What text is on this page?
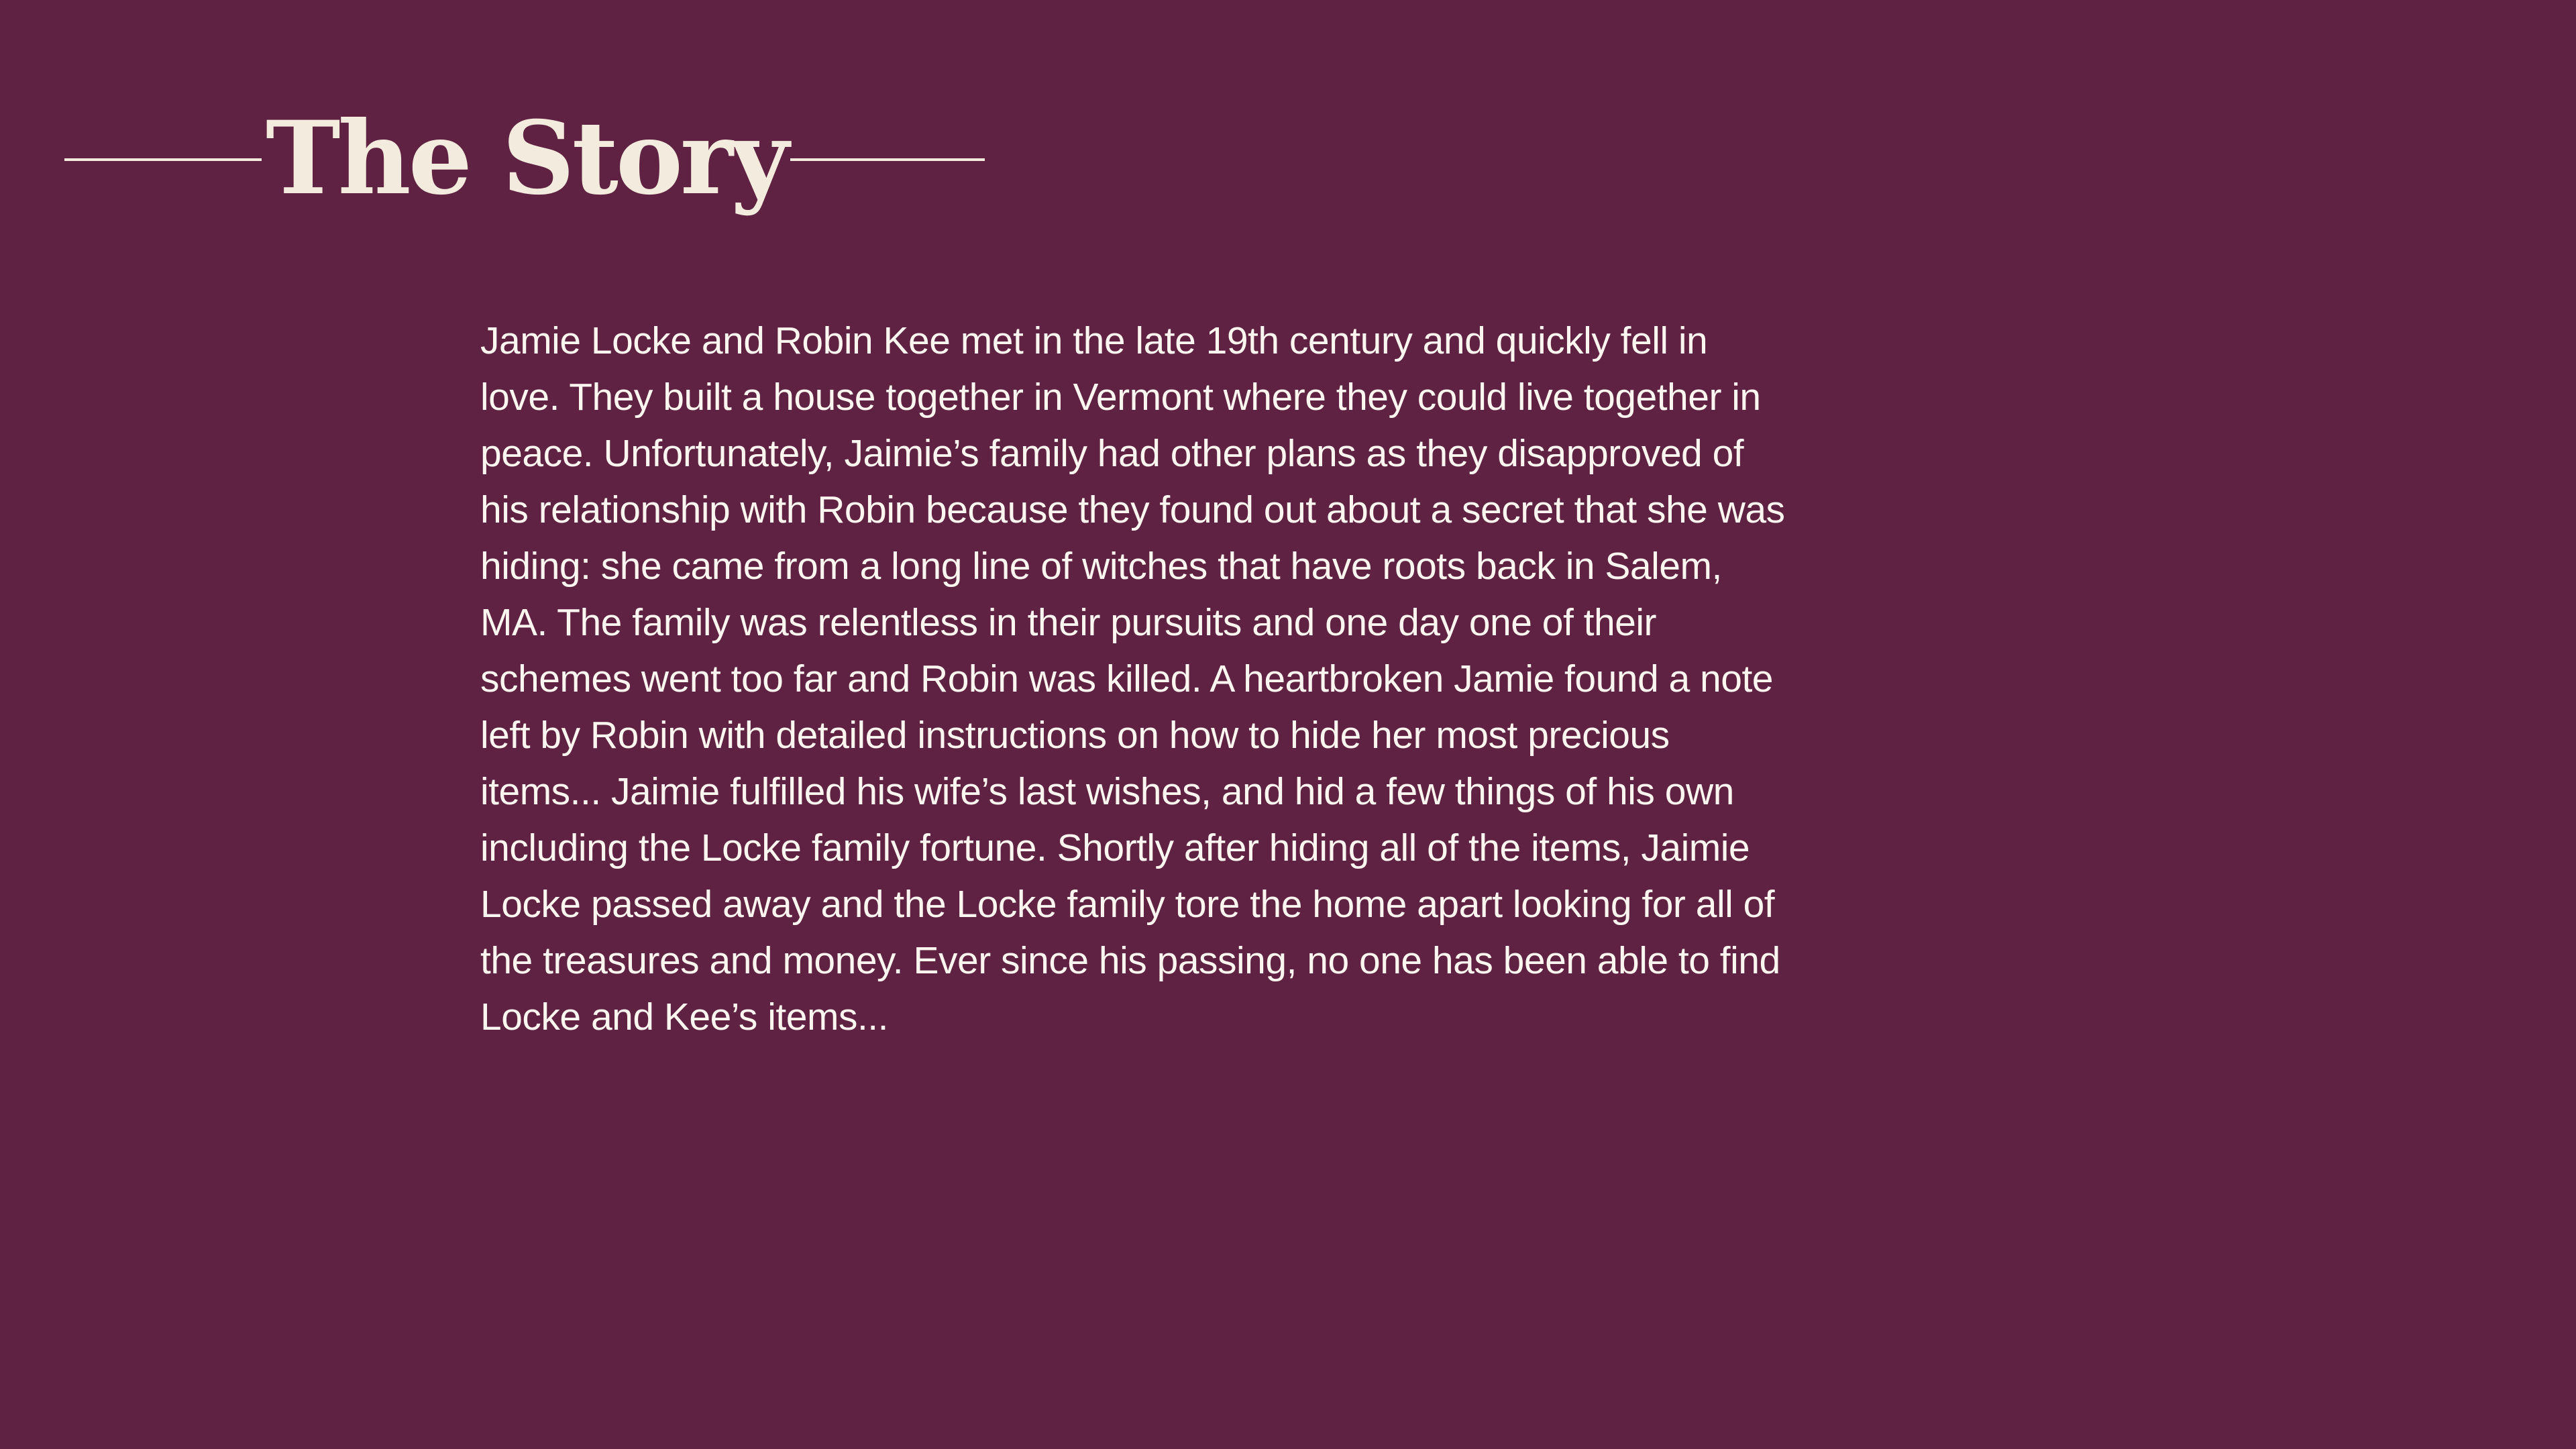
The Story

Jamie Locke and Robin Kee met in the late 19th century and quickly fell in
love. They built a house together in Vermont where they could live together in
peace. Unfortunately, Jaimie’s family had other plans as they disapproved of
his relationship with Robin because they found out about a secret that she was
hiding: she came from a long line of witches that have roots back in Salem,
MA. The family was relentless in their pursuits and one day one of their
schemes went too far and Robin was killed. A heartbroken Jamie found a note
left by Robin with detailed instructions on how to hide her most precious
items... Jaimie fulfilled his wife’s last wishes, and hid a few things of his own
including the Locke family fortune. Shortly after hiding all of the items, Jaimie
Locke passed away and the Locke family tore the home apart looking for all of
the treasures and money. Ever since his passing, no one has been able to find
Locke and Kee’s items...
